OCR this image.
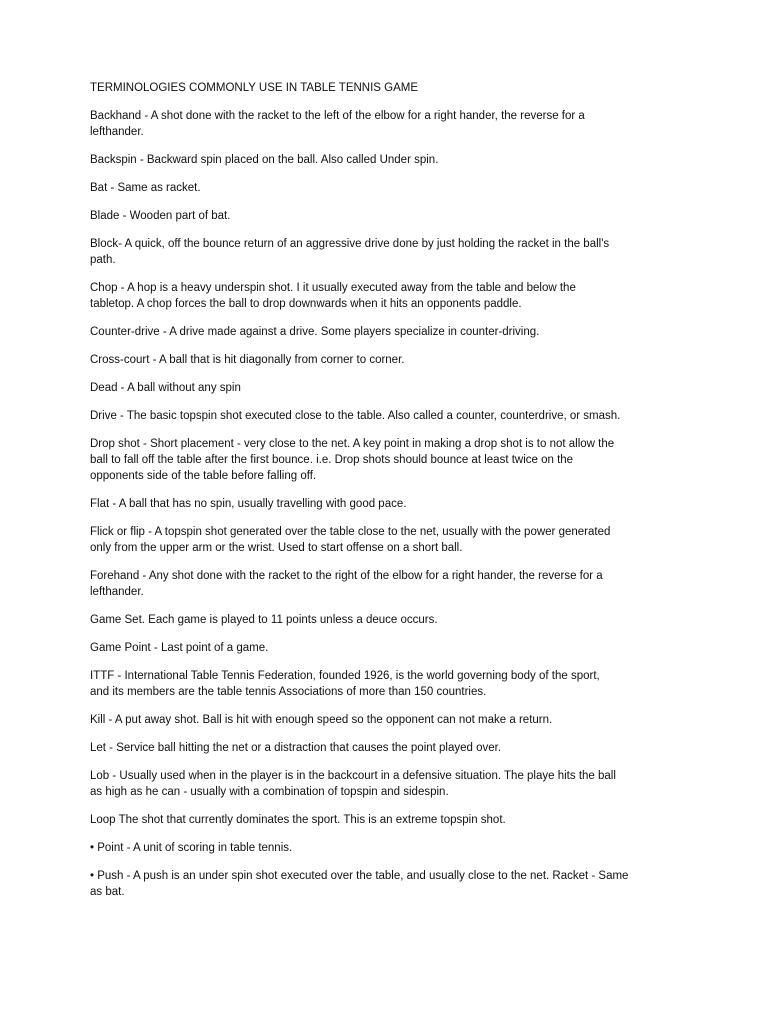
TERMINOLOGIES COMMONLY USE IN TABLE TENNIS GAME

Backhand - A shot done with the racket to the left of the elbow for a right hander, the reverse for a
lefthander.

Backspin - Backward spin placed on the ball. Also called Under spin.

Bat - Same as racket.

Blade - Wooden part of bat.

Block- A quick, off the bounce return of an aggressive drive done by just holding the racket in the ball's
path.

Chop - A hop is a heavy underspin shot. I it usually executed away from the table and below the
tabletop. A chop forces the ball to drop downwards when it hits an opponents paddle.

Counter-drive - A drive made against a drive. Some players specialize in counter-driving.

Cross-court - A ball that is hit diagonally from corner to corner.

Dead - A ball without any spin

Drive - The basic topspin shot executed close to the table. Also called a counter, counterdrive, or smash.

Drop shot - Short placement - very close to the net. A key point in making a drop shot is to not allow the
ball to fall off the table after the first bounce. i.e. Drop shots should bounce at least twice on the
opponents side of the table before falling off.

Flat - A ball that has no spin, usually travelling with good pace.

Flick or flip - A topspin shot generated over the table close to the net, usually with the power generated
only from the upper arm or the wrist. Used to start offense on a short ball.

Forehand - Any shot done with the racket to the right of the elbow for a right hander, the reverse for a
lefthander.

Game Set. Each game is played to 11 points unless a deuce occurs.

Game Point - Last point of a game.

ITTF - International Table Tennis Federation, founded 1926, is the world governing body of the sport,
and its members are the table tennis Associations of more than 150 countries.

Kill - A put away shot. Ball is hit with enough speed so the opponent can not make a return.

Let - Service ball hitting the net or a distraction that causes the point played over.

Lob - Usually used when in the player is in the backcourt in a defensive situation. The playe hits the ball
as high as he can - usually with a combination of topspin and sidespin.

Loop The shot that currently dominates the sport. This is an extreme topspin shot.

• Point - A unit of scoring in table tennis.

• Push - A push is an under spin shot executed over the table, and usually close to the net. Racket - Same
as bat.
